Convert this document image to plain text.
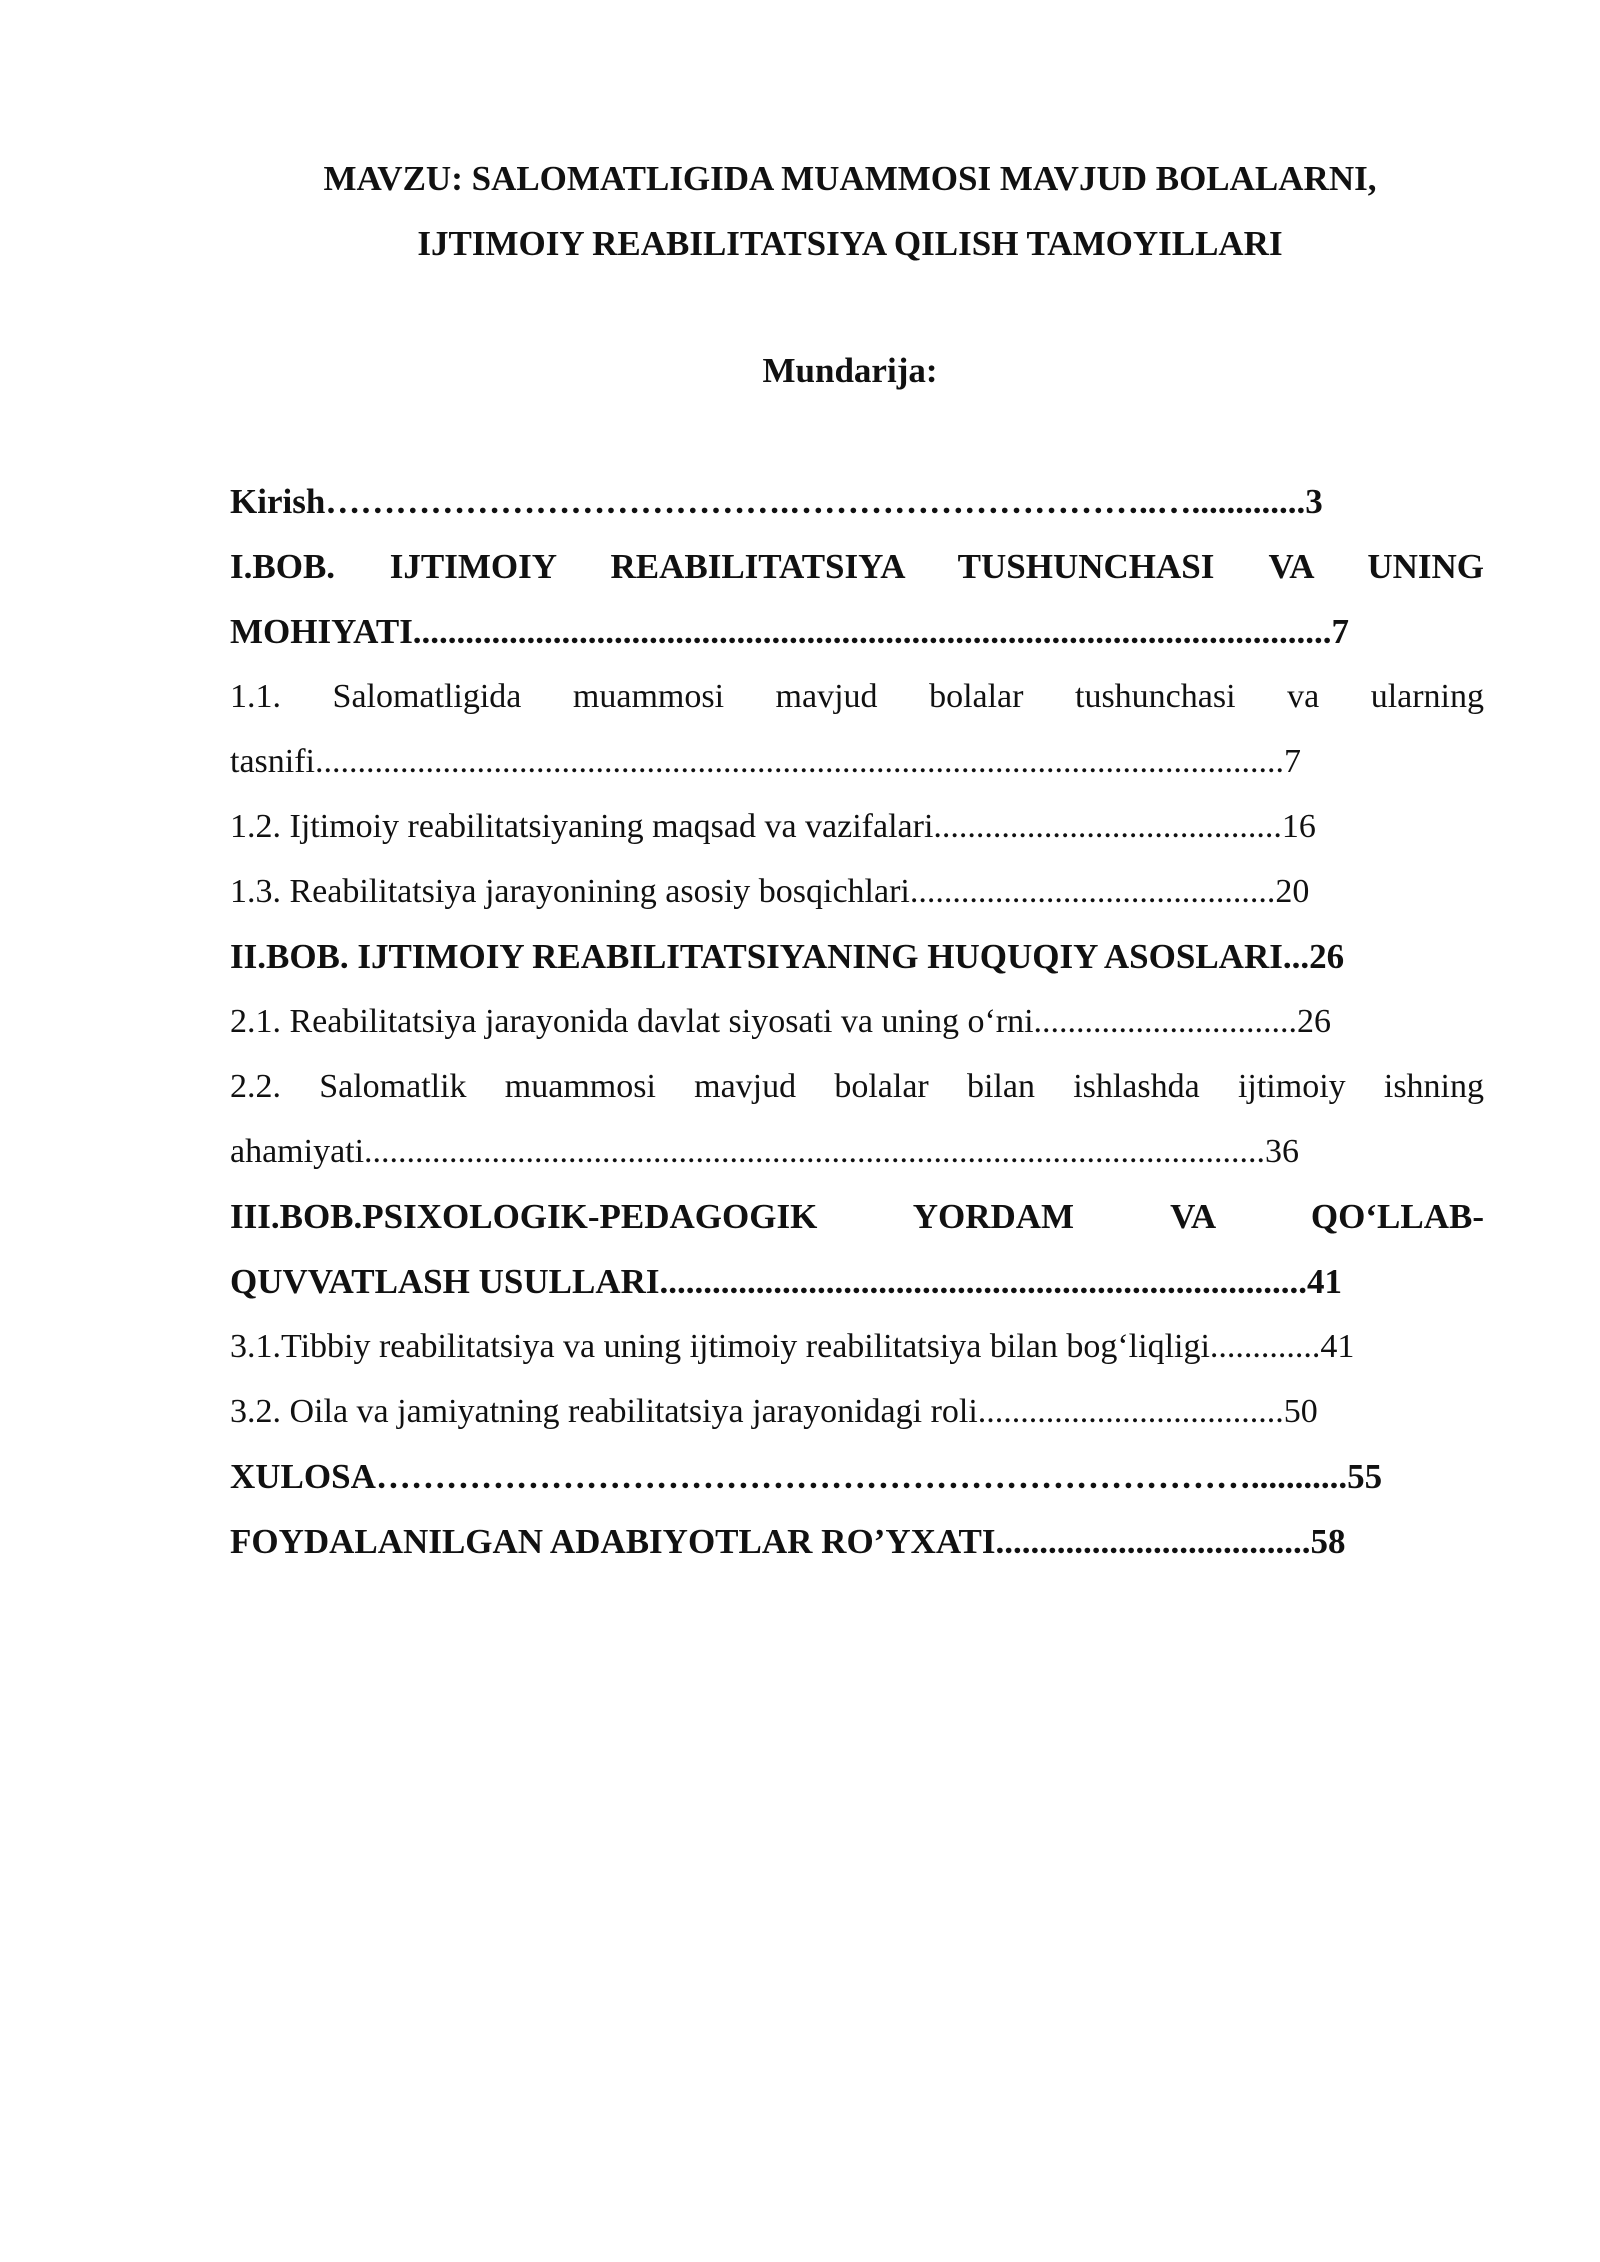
MAVZU: SALOMATLIGIDA MUAMMOSI MAVJUD BOLALARNI,
IJTIMOIY REABILITATSIYA QILISH TAMOYILLARI
Mundarija:
Kirish………………………………….…………………………..….............3
I.BOB. IJTIMOIY REABILITATSIYA TUSHUNCHASI VA UNING
MOHIYATI.........................................................................................................7
1.1. Salomatligida muammosi mavjud bolalar tushunchasi va ularning
tasnifi..................................................................................................................7
1.2. Ijtimoiy reabilitatsiyaning maqsad va vazifalari.........................................16
1.3. Reabilitatsiya jarayonining asosiy bosqichlari...........................................20
II.BOB. IJTIMOIY REABILITATSIYANING HUQUQIY ASOSLARI...26
2.1. Reabilitatsiya jarayonida davlat siyosati va uning o‘rni...............................26
2.2. Salomatlik muammosi mavjud bolalar bilan ishlashda ijtimoiy ishning
ahamiyati..........................................................................................................36
III.BOB.PSIXOLOGIK-PEDAGOGIK YORDAM VA QO‘LLAB-
QUVVATLASH USULLARI..........................................................................41
3.1.Tibbiy reabilitatsiya va uning ijtimoiy reabilitatsiya bilan bog‘liqligi.............41
3.2. Oila va jamiyatning reabilitatsiya jarayonidagi roli....................................50
XULOSA…………………………………………………………………...........55
FOYDALANILGAN ADABIYOTLAR RO’YXATI....................................58
